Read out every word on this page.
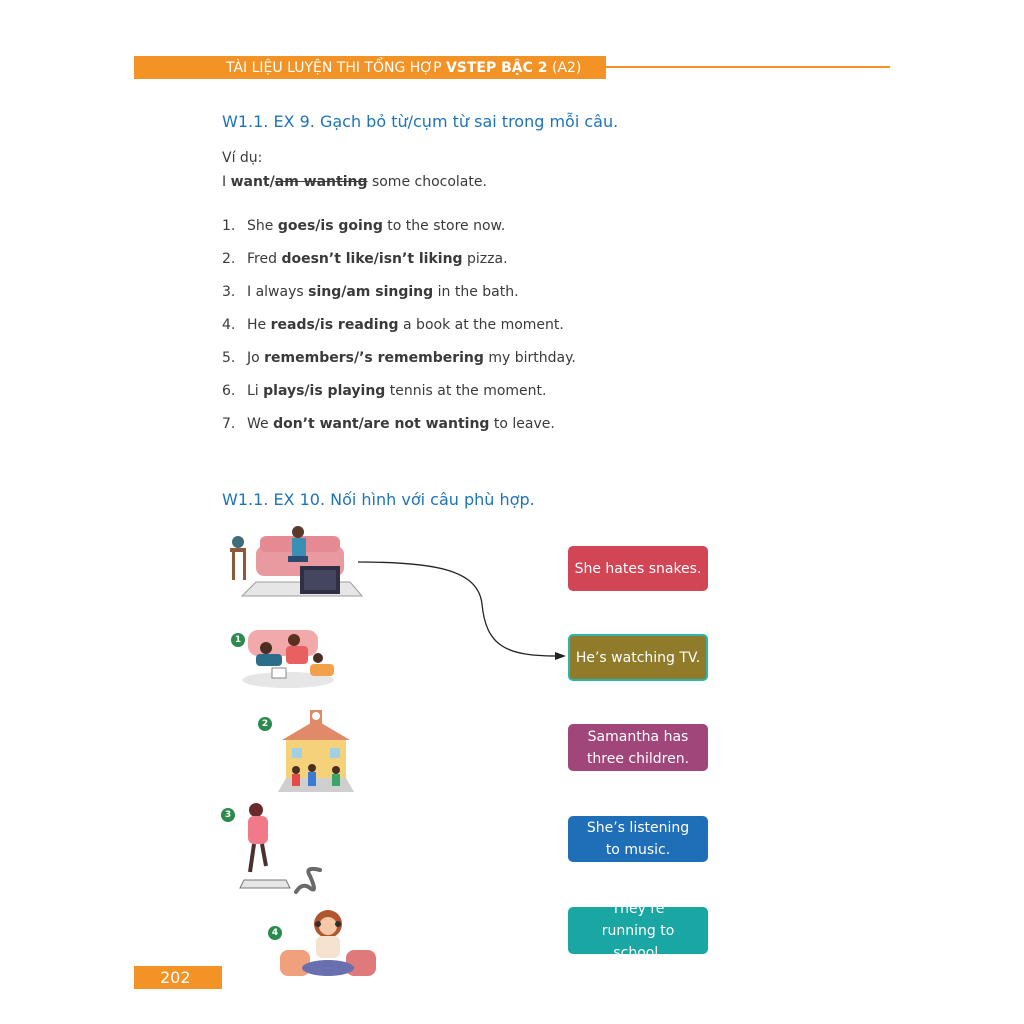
TÀI LIỆU LUYỆN THI TỔNG HỢP VSTEP BẬC 2 (A2)
W1.1. EX 9. Gạch bỏ từ/cụm từ sai trong mỗi câu.
Ví dụ:
I want/am wanting some chocolate.
1. She goes/is going to the store now.
2. Fred doesn’t like/isn’t liking pizza.
3. I always sing/am singing in the bath.
4. He reads/is reading a book at the moment.
5. Jo remembers/’s remembering my birthday.
6. Li plays/is playing tennis at the moment.
7. We don’t want/are not wanting to leave.
W1.1. EX 10. Nối hình với câu phù hợp.
1
2
3
4
She hates snakes.
He’s watching TV.
Samantha has three children.
She’s listening to music.
They’re running to school.
202
